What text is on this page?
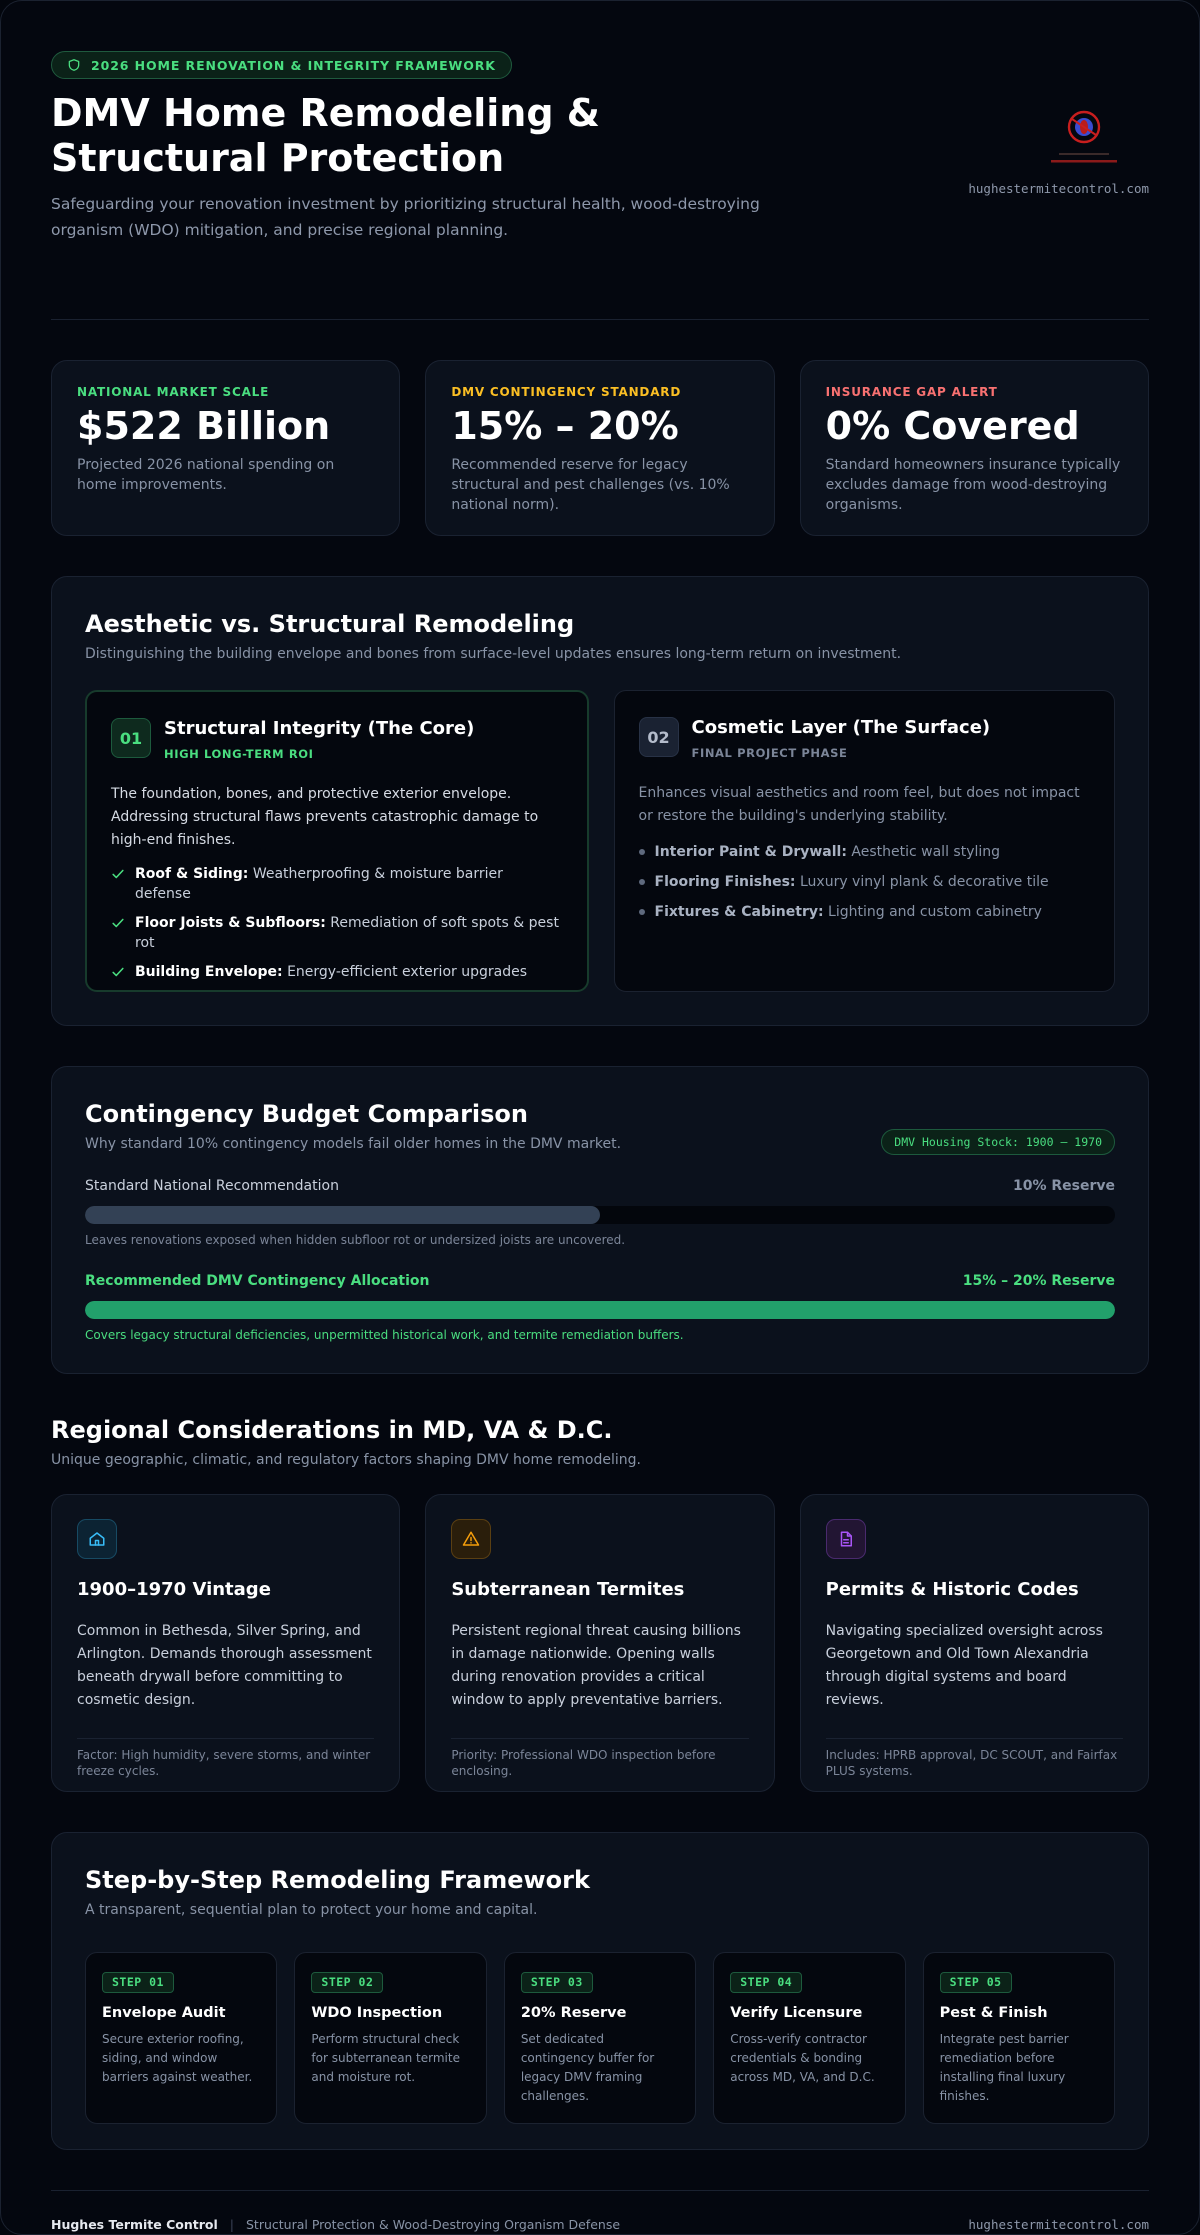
2026 HOME RENOVATION & INTEGRITY FRAMEWORK
DMV Home Remodeling & Structural Protection

Safeguarding your renovation investment by prioritizing structural health, wood-destroying organism (WDO) mitigation, and precise regional planning.

hughestermitecontrol.com
NATIONAL MARKET SCALE
$522 Billion
Projected 2026 national spending on home improvements.
DMV CONTINGENCY STANDARD
15% – 20%
Recommended reserve for legacy structural and pest challenges (vs. 10% national norm).
INSURANCE GAP ALERT
0% Covered
Standard homeowners insurance typically excludes damage from wood-destroying organisms.
Aesthetic vs. Structural Remodeling

Distinguishing the building envelope and bones from surface-level updates ensures long-term return on investment.

01	Structural Integrity (The Core)
HIGH LONG-TERM ROI

The foundation, bones, and protective exterior envelope. Addressing structural flaws prevents catastrophic damage to high-end finishes.

Roof & Siding: Weatherproofing & moisture barrier defense
Floor Joists & Subfloors: Remediation of soft spots & pest rot
Building Envelope: Energy-efficient exterior upgrades
02	Cosmetic Layer (The Surface)
FINAL PROJECT PHASE

Enhances visual aesthetics and room feel, but does not impact or restore the building's underlying stability.

Interior Paint & Drywall: Aesthetic wall styling
Flooring Finishes: Luxury vinyl plank & decorative tile
Fixtures & Cabinetry: Lighting and custom cabinetry
Contingency Budget Comparison

Why standard 10% contingency models fail older homes in the DMV market.	DMV Housing Stock: 1900 – 1970
Standard National Recommendation	10% Reserve
Leaves renovations exposed when hidden subfloor rot or undersized joists are uncovered.
Recommended DMV Contingency Allocation	15% – 20% Reserve
Covers legacy structural deficiencies, unpermitted historical work, and termite remediation buffers.
Regional Considerations in MD, VA & D.C.
Unique geographic, climatic, and regulatory factors shaping DMV home remodeling.
1900–1970 Vintage

Common in Bethesda, Silver Spring, and Arlington. Demands thorough assessment beneath drywall before committing to cosmetic design.

Factor: High humidity, severe storms, and winter freeze cycles.
Subterranean Termites

Persistent regional threat causing billions in damage nationwide. Opening walls during renovation provides a critical window to apply preventative barriers.

Priority: Professional WDO inspection before enclosing.
Permits & Historic Codes

Navigating specialized oversight across Georgetown and Old Town Alexandria through digital systems and board reviews.

Includes: HPRB approval, DC SCOUT, and Fairfax PLUS systems.
Step-by-Step Remodeling Framework

A transparent, sequential plan to protect your home and capital.

STEP 01
Envelope Audit

Secure exterior roofing, siding, and window barriers against weather.

STEP 02
WDO Inspection

Perform structural check for subterranean termite and moisture rot.

STEP 03
20% Reserve

Set dedicated contingency buffer for legacy DMV framing challenges.

STEP 04
Verify Licensure

Cross-verify contractor credentials & bonding across MD, VA, and D.C.

STEP 05
Pest & Finish

Integrate pest barrier remediation before installing final luxury finishes.

Hughes Termite Control | Structural Protection & Wood-Destroying Organism Defense	hughestermitecontrol.com
